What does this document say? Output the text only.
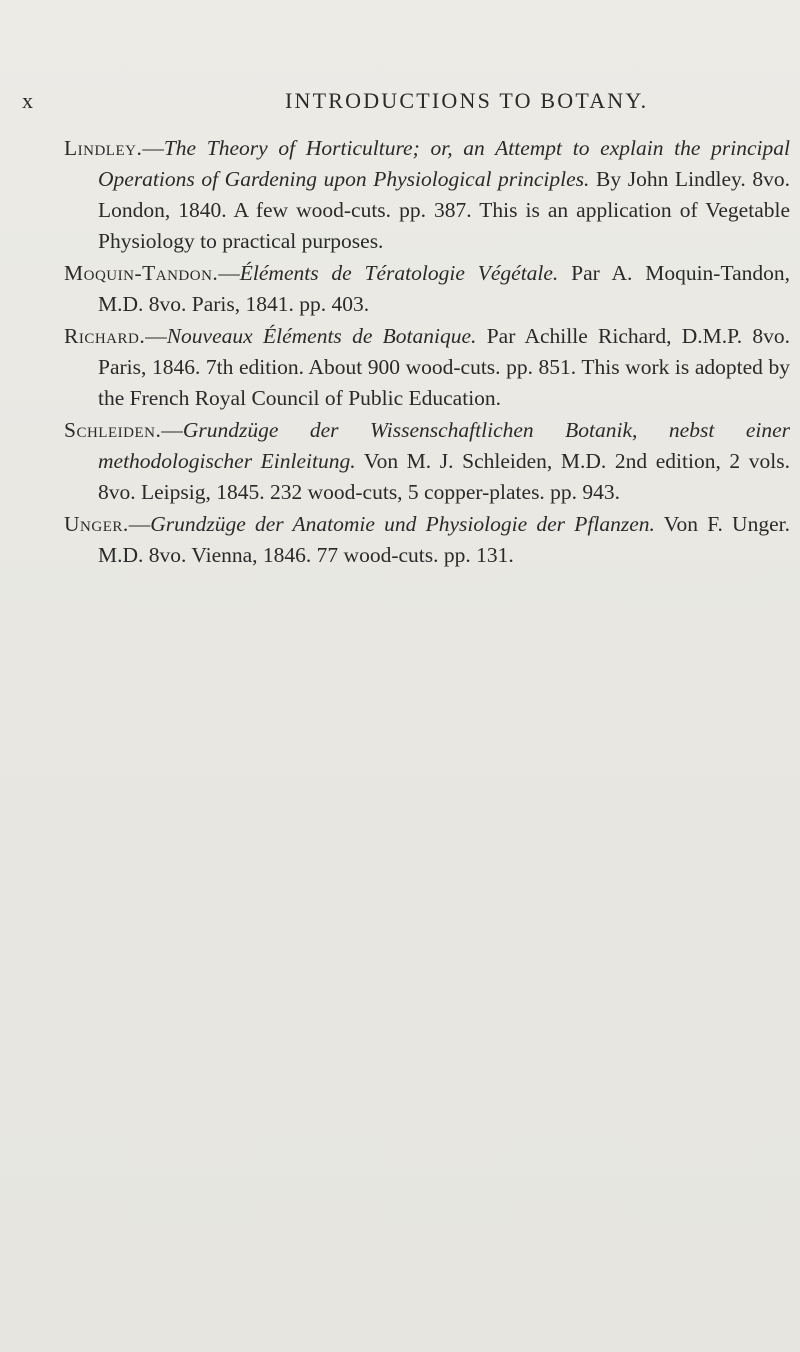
x	INTRODUCTIONS TO BOTANY.

Lindley.—The Theory of Horticulture; or, an Attempt to explain the principal Operations of Gardening upon Physiological principles. By John Lindley. 8vo. London, 1840. A few wood-cuts. pp. 387. This is an application of Vegetable Physiology to practical purposes.

Moquin-Tandon.—Éléments de Tératologie Végétale. Par A. Moquin-Tandon, M.D. 8vo. Paris, 1841. pp. 403.

Richard.—Nouveaux Éléments de Botanique. Par Achille Richard, D.M.P. 8vo. Paris, 1846. 7th edition. About 900 wood-cuts. pp. 851. This work is adopted by the French Royal Council of Public Education.

Schleiden.—Grundzüge der Wissenschaftlichen Botanik, nebst einer methodologischer Einleitung. Von M. J. Schleiden, M.D. 2nd edition, 2 vols. 8vo. Leipsig, 1845. 232 wood-cuts, 5 copper-plates. pp. 943.

Unger.—Grundzüge der Anatomie und Physiologie der Pflanzen. Von F. Unger. M.D. 8vo. Vienna, 1846. 77 wood-cuts. pp. 131.
